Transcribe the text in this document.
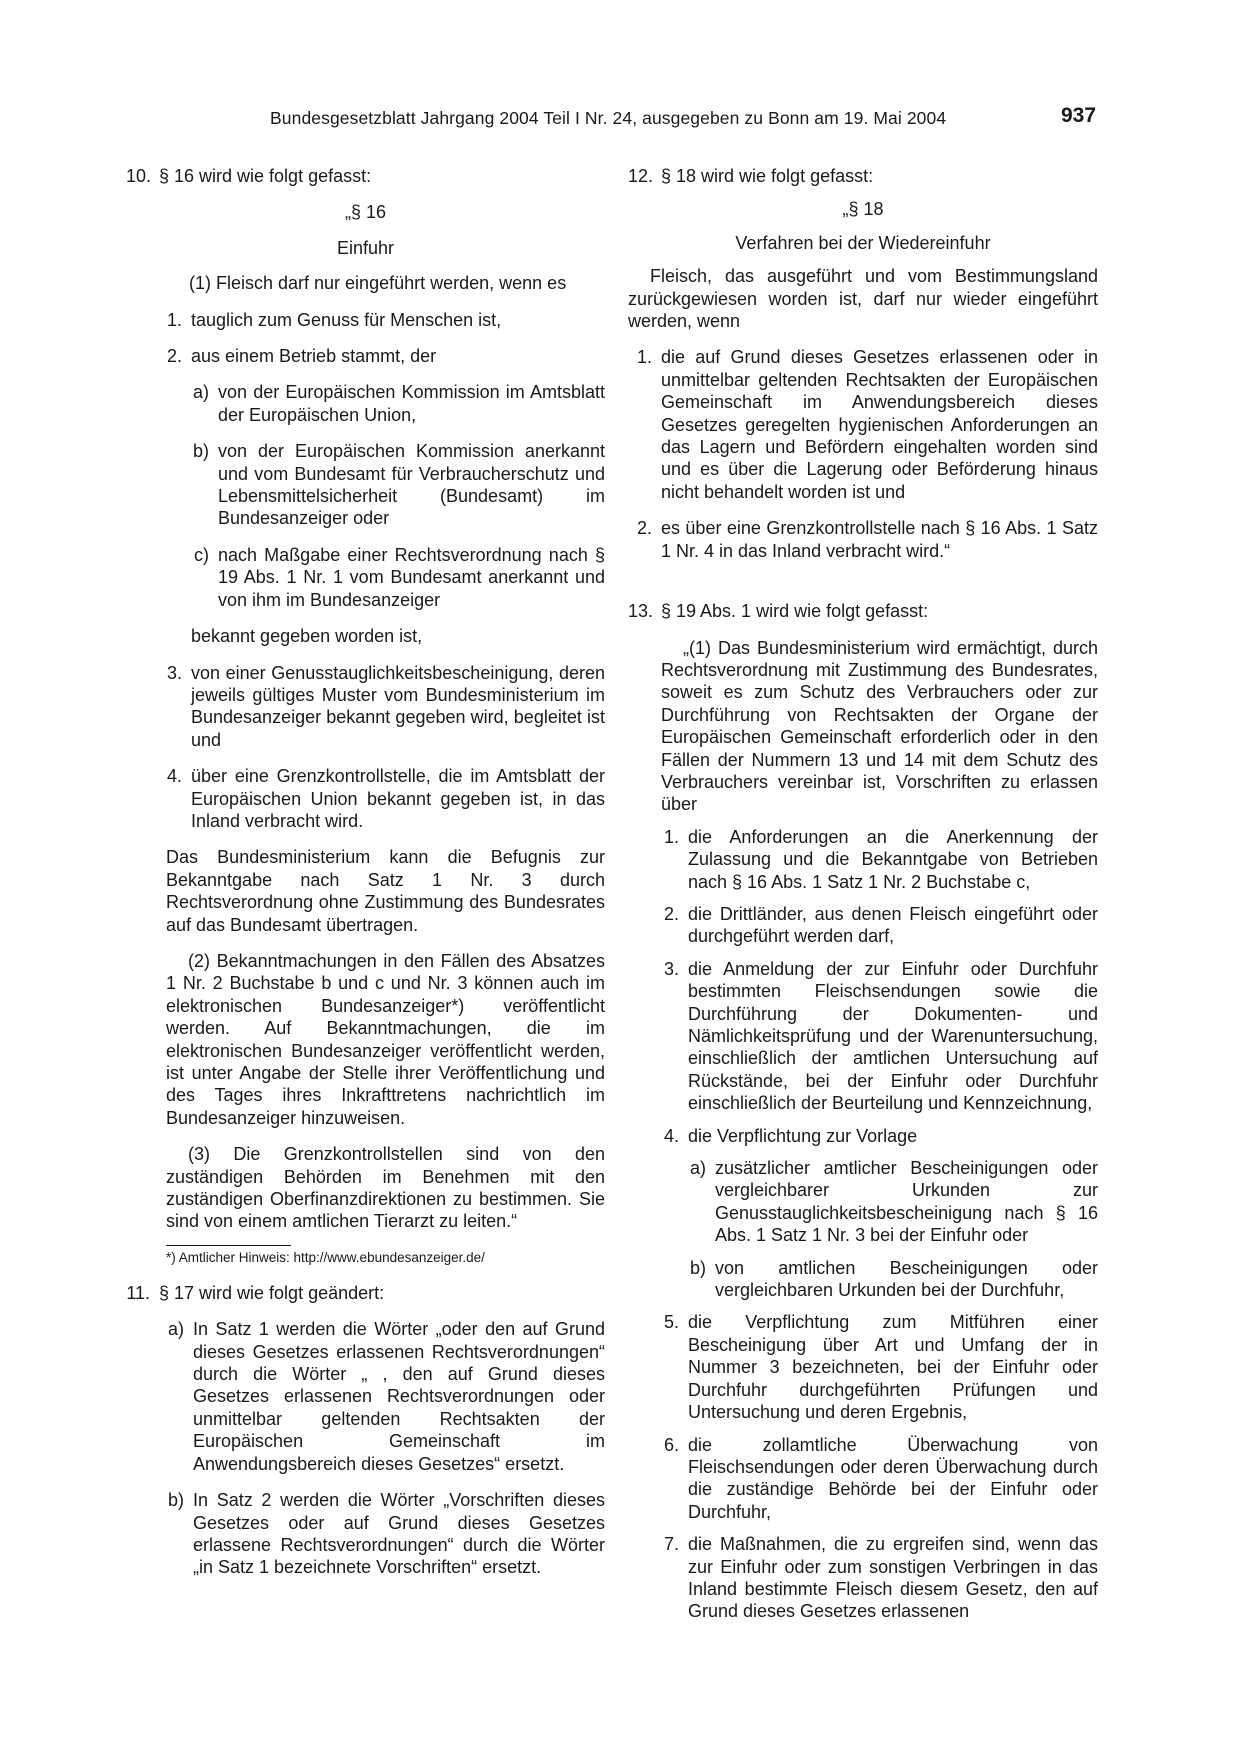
Bundesgesetzblatt Jahrgang 2004 Teil I Nr. 24, ausgegeben zu Bonn am 19. Mai 2004	937
10. § 16 wird wie folgt gefasst:

„§ 16

Einfuhr

(1) Fleisch darf nur eingeführt werden, wenn es

1. tauglich zum Genuss für Menschen ist,
2. aus einem Betrieb stammt, der
a) von der Europäischen Kommission im Amtsblatt der Europäischen Union,
b) von der Europäischen Kommission anerkannt und vom Bundesamt für Verbraucherschutz und Lebensmittelsicherheit (Bundesamt) im Bundesanzeiger oder
c) nach Maßgabe einer Rechtsverordnung nach § 19 Abs. 1 Nr. 1 vom Bundesamt anerkannt und von ihm im Bundesanzeiger

bekannt gegeben worden ist,

3. von einer Genusstauglichkeitsbescheinigung, deren jeweils gültiges Muster vom Bundesministerium im Bundesanzeiger bekannt gegeben wird, begleitet ist und
4. über eine Grenzkontrollstelle, die im Amtsblatt der Europäischen Union bekannt gegeben ist, in das Inland verbracht wird.

Das Bundesministerium kann die Befugnis zur Bekanntgabe nach Satz 1 Nr. 3 durch Rechtsverordnung ohne Zustimmung des Bundesrates auf das Bundesamt übertragen.

(2) Bekanntmachungen in den Fällen des Absatzes 1 Nr. 2 Buchstabe b und c und Nr. 3 können auch im elektronischen Bundesanzeiger*) veröffentlicht werden. Auf Bekanntmachungen, die im elektronischen Bundesanzeiger veröffentlicht werden, ist unter Angabe der Stelle ihrer Veröffentlichung und des Tages ihres Inkrafttretens nachrichtlich im Bundesanzeiger hinzuweisen.

(3) Die Grenzkontrollstellen sind von den zuständigen Behörden im Benehmen mit den zuständigen Oberfinanzdirektionen zu bestimmen. Sie sind von einem amtlichen Tierarzt zu leiten.“

*) Amtlicher Hinweis: http://www.ebundesanzeiger.de/

11. § 17 wird wie folgt geändert:
a) In Satz 1 werden die Wörter „oder den auf Grund dieses Gesetzes erlassenen Rechtsverordnungen“ durch die Wörter „ , den auf Grund dieses Gesetzes erlassenen Rechtsverordnungen oder unmittelbar geltenden Rechtsakten der Europäischen Gemeinschaft im Anwendungsbereich dieses Gesetzes“ ersetzt.
b) In Satz 2 werden die Wörter „Vorschriften dieses Gesetzes oder auf Grund dieses Gesetzes erlassene Rechtsverordnungen“ durch die Wörter „in Satz 1 bezeichnete Vorschriften“ ersetzt.
12. § 18 wird wie folgt gefasst:

„§ 18

Verfahren bei der Wiedereinfuhr

Fleisch, das ausgeführt und vom Bestimmungsland zurückgewiesen worden ist, darf nur wieder eingeführt werden, wenn

1. die auf Grund dieses Gesetzes erlassenen oder in unmittelbar geltenden Rechtsakten der Europäischen Gemeinschaft im Anwendungsbereich dieses Gesetzes geregelten hygienischen Anforderungen an das Lagern und Befördern eingehalten worden sind und es über die Lagerung oder Beförderung hinaus nicht behandelt worden ist und
2. es über eine Grenzkontrollstelle nach § 16 Abs. 1 Satz 1 Nr. 4 in das Inland verbracht wird.“
13. § 19 Abs. 1 wird wie folgt gefasst:

„(1) Das Bundesministerium wird ermächtigt, durch Rechtsverordnung mit Zustimmung des Bundesrates, soweit es zum Schutz des Verbrauchers oder zur Durchführung von Rechtsakten der Organe der Europäischen Gemeinschaft erforderlich oder in den Fällen der Nummern 13 und 14 mit dem Schutz des Verbrauchers vereinbar ist, Vorschriften zu erlassen über

1. die Anforderungen an die Anerkennung der Zulassung und die Bekanntgabe von Betrieben nach § 16 Abs. 1 Satz 1 Nr. 2 Buchstabe c,
2. die Drittländer, aus denen Fleisch eingeführt oder durchgeführt werden darf,
3. die Anmeldung der zur Einfuhr oder Durchfuhr bestimmten Fleischsendungen sowie die Durchführung der Dokumenten- und Nämlichkeitsprüfung und der Warenuntersuchung, einschließlich der amtlichen Untersuchung auf Rückstände, bei der Einfuhr oder Durchfuhr einschließlich der Beurteilung und Kennzeichnung,
4. die Verpflichtung zur Vorlage
a) zusätzlicher amtlicher Bescheinigungen oder vergleichbarer Urkunden zur Genusstauglichkeitsbescheinigung nach § 16 Abs. 1 Satz 1 Nr. 3 bei der Einfuhr oder
b) von amtlichen Bescheinigungen oder vergleichbaren Urkunden bei der Durchfuhr,
5. die Verpflichtung zum Mitführen einer Bescheinigung über Art und Umfang der in Nummer 3 bezeichneten, bei der Einfuhr oder Durchfuhr durchgeführten Prüfungen und Untersuchung und deren Ergebnis,
6. die zollamtliche Überwachung von Fleischsendungen oder deren Überwachung durch die zuständige Behörde bei der Einfuhr oder Durchfuhr,
7. die Maßnahmen, die zu ergreifen sind, wenn das zur Einfuhr oder zum sonstigen Verbringen in das Inland bestimmte Fleisch diesem Gesetz, den auf Grund dieses Gesetzes erlassenen
